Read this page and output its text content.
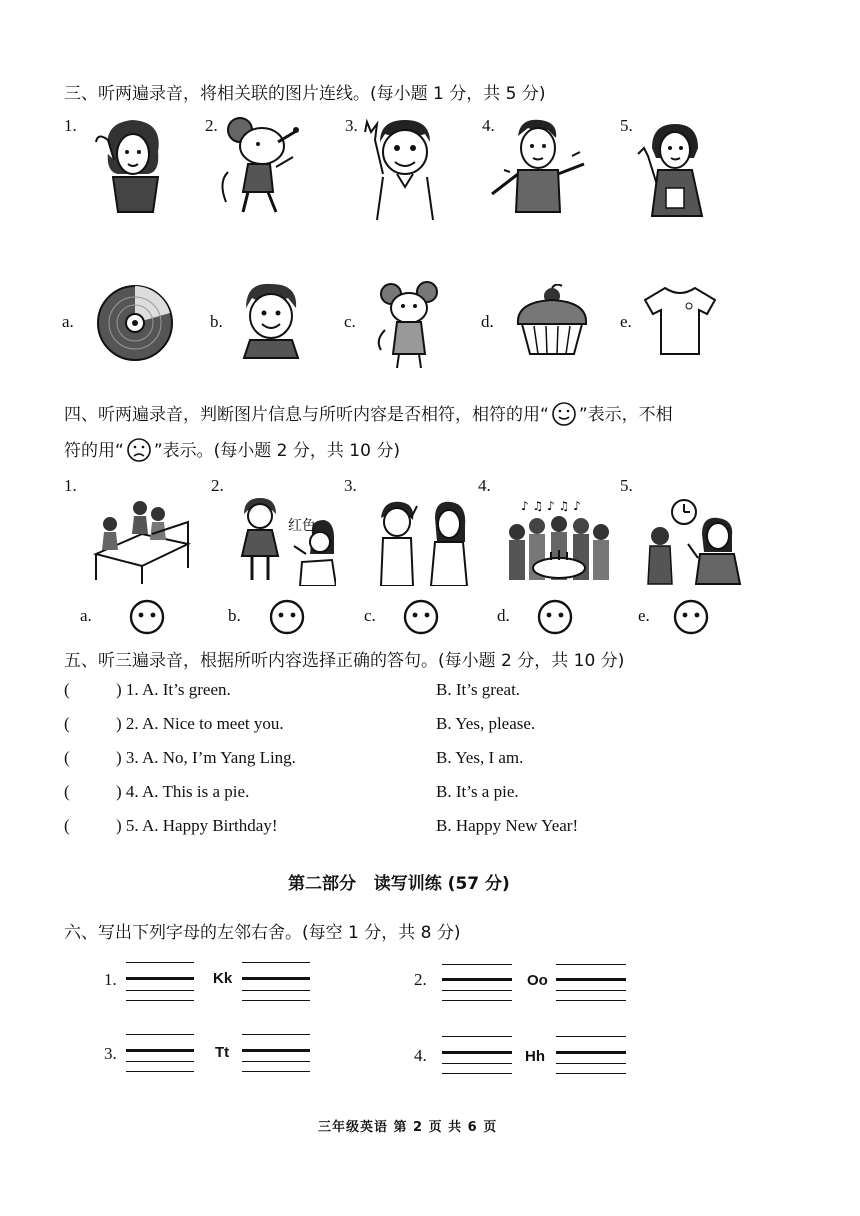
三、听两遍录音，将相关联的图片连线。(每小题 1 分，共 5 分)
1.	2.	3.	4.	5.
a.	b.	c.	d.	e.
四、听两遍录音，判断图片信息与所听内容是否相符，相符的用“ ”表示，不相
符的用“ ”表示。(每小题 2 分，共 10 分)
1.	2.	3.	4.	5.
红色
♪ ♫ ♪ ♫ ♪
a.	b.	c.	d.	e.
五、听三遍录音，根据所听内容选择正确的答句。(每小题 2 分，共 10 分)
(	) 1. A. It’s green.	B. It’s great.
(	) 2. A. Nice to meet you.	B. Yes, please.
(	) 3. A. No, I’m Yang Ling.	B. Yes, I am.
(	) 4. A. This is a pie.	B. It’s a pie.
(	) 5. A. Happy Birthday!	B. Happy New Year!
第二部分   读写训练 (57 分)
六、写出下列字母的左邻右舍。(每空 1 分，共 8 分)
1.	Kk	2.	Oo
3.	Tt	4.	Hh
三年级英语 第 2 页 共 6 页
